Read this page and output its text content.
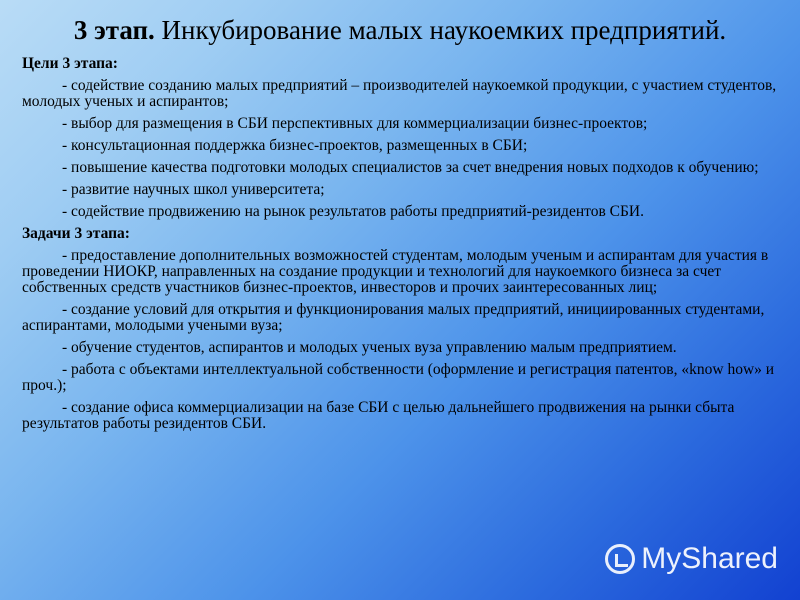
3 этап. Инкубирование малых наукоемких предприятий.
Цели 3 этапа:
- содействие созданию малых предприятий – производителей наукоемкой продукции, с участием студентов, молодых ученых и аспирантов;
- выбор для размещения в СБИ перспективных для коммерциализации бизнес-проектов;
- консультационная поддержка бизнес-проектов, размещенных в СБИ;
- повышение качества подготовки молодых специалистов за счет внедрения новых подходов к обучению;
- развитие научных школ университета;
- содействие продвижению на рынок результатов работы предприятий-резидентов СБИ.
Задачи 3 этапа:
- предоставление дополнительных возможностей студентам, молодым ученым и аспирантам для участия в проведении НИОКР, направленных на создание продукции и технологий для наукоемкого бизнеса за счет собственных средств участников бизнес-проектов, инвесторов и прочих заинтересованных лиц;
- создание условий для открытия и функционирования малых предприятий, инициированных студентами, аспирантами, молодыми учеными вуза;
- обучение студентов, аспирантов и молодых ученых вуза управлению малым предприятием.
- работа с объектами интеллектуальной собственности (оформление и регистрация патентов, «know how» и проч.);
- создание офиса коммерциализации на базе СБИ с целью дальнейшего продвижения на рынки сбыта результатов работы резидентов СБИ.
MyShared
